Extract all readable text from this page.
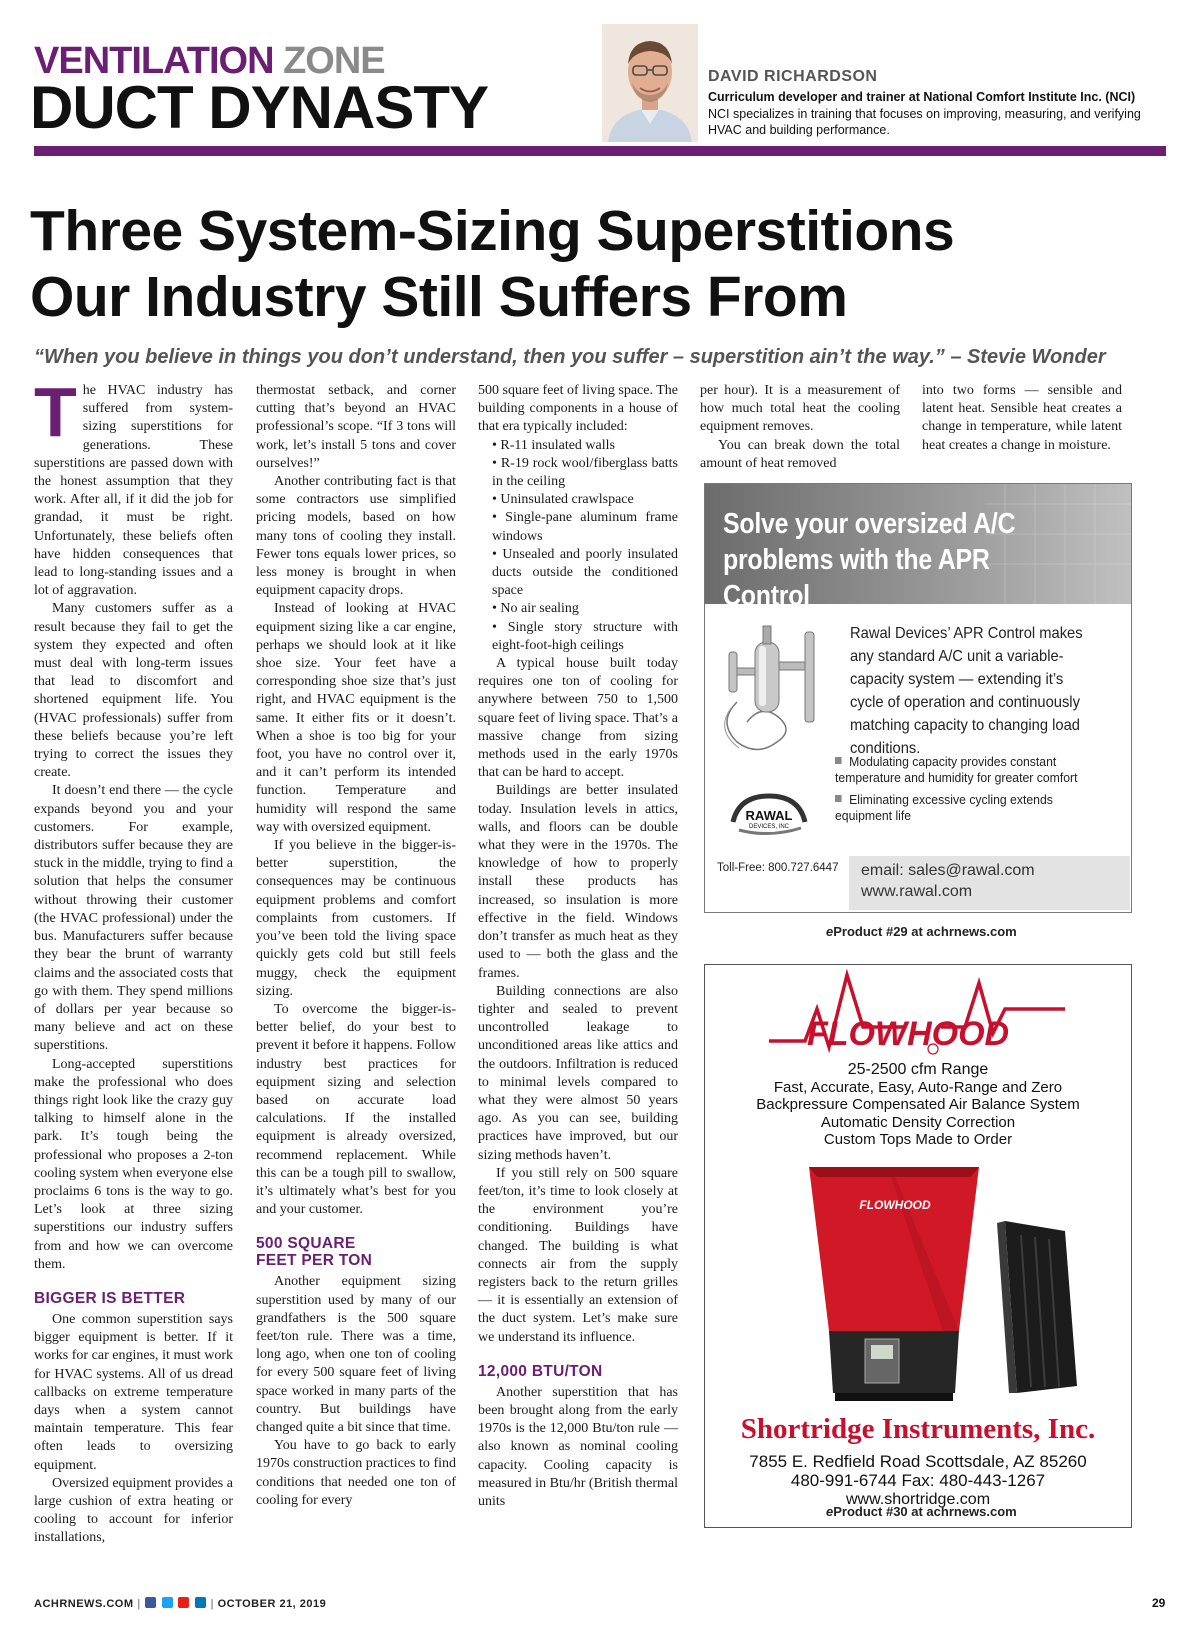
VENTILATION ZONE
DUCT DYNASTY	DAVID RICHARDSON
Curriculum developer and trainer at National Comfort Institute Inc. (NCI)
NCI specializes in training that focuses on improving, measuring, and verifying HVAC and building performance.
Three System-Sizing Superstitions
Our Industry Still Suffers From
“When you believe in things you don’t understand, then you suffer – superstition ain’t the way.” – Stevie Wonder

The HVAC industry has suffered from system-sizing superstitions for generations. These superstitions are passed down with the honest assumption that they work. After all, if it did the job for grandad, it must be right. Unfortunately, these beliefs often have hidden consequences that lead to long-standing issues and a lot of aggravation.

Many customers suffer as a result because they fail to get the system they expected and often must deal with long-term issues that lead to discomfort and shortened equipment life. You (HVAC professionals) suffer from these beliefs because you’re left trying to correct the issues they create.

It doesn’t end there — the cycle expands beyond you and your customers. For example, distributors suffer because they are stuck in the middle, trying to find a solution that helps the consumer without throwing their customer (the HVAC professional) under the bus. Manufacturers suffer because they bear the brunt of warranty claims and the associated costs that go with them. They spend millions of dollars per year because so many believe and act on these superstitions.

Long-accepted superstitions make the professional who does things right look like the crazy guy talking to himself alone in the park. It’s tough being the professional who proposes a 2-ton cooling system when everyone else proclaims 6 tons is the way to go. Let’s look at three sizing superstitions our industry suffers from and how we can overcome them.

BIGGER IS BETTER

One common superstition says bigger equipment is better. If it works for car engines, it must work for HVAC systems. All of us dread callbacks on extreme temperature days when a system cannot maintain temperature. This fear often leads to oversizing equipment.

Oversized equipment provides a large cushion of extra heating or cooling to account for inferior installations,

thermostat setback, and corner cutting that’s beyond an HVAC professional’s scope. “If 3 tons will work, let’s install 5 tons and cover ourselves!”

Another contributing fact is that some contractors use simplified pricing models, based on how many tons of cooling they install. Fewer tons equals lower prices, so less money is brought in when equipment capacity drops.

Instead of looking at HVAC equipment sizing like a car engine, perhaps we should look at it like shoe size. Your feet have a corresponding shoe size that’s just right, and HVAC equipment is the same. It either fits or it doesn’t. When a shoe is too big for your foot, you have no control over it, and it can’t perform its intended function. Temperature and humidity will respond the same way with oversized equipment.

If you believe in the bigger-is-better superstition, the consequences may be continuous equipment problems and comfort complaints from customers. If you’ve been told the living space quickly gets cold but still feels muggy, check the equipment sizing.

To overcome the bigger-is-better belief, do your best to prevent it before it happens. Follow industry best practices for equipment sizing and selection based on accurate load calculations. If the installed equipment is already oversized, recommend replacement. While this can be a tough pill to swallow, it’s ultimately what’s best for you and your customer.

500 SQUARE
FEET PER TON

Another equipment sizing superstition used by many of our grandfathers is the 500 square feet/ton rule. There was a time, long ago, when one ton of cooling for every 500 square feet of living space worked in many parts of the country. But buildings have changed quite a bit since that time.

You have to go back to early 1970s construction practices to find conditions that needed one ton of cooling for every

500 square feet of living space. The building components in a house of that era typically included:

• R-11 insulated walls

• R-19 rock wool/fiberglass batts in the ceiling

• Uninsulated crawlspace

• Single-pane aluminum frame windows

• Unsealed and poorly insulated ducts outside the conditioned space

• No air sealing

• Single story structure with eight-foot-high ceilings

A typical house built today requires one ton of cooling for anywhere between 750 to 1,500 square feet of living space. That’s a massive change from sizing methods used in the early 1970s that can be hard to accept.

Buildings are better insulated today. Insulation levels in attics, walls, and floors can be double what they were in the 1970s. The knowledge of how to properly install these products has increased, so insulation is more effective in the field. Windows don’t transfer as much heat as they used to — both the glass and the frames.

Building connections are also tighter and sealed to prevent uncontrolled leakage to unconditioned areas like attics and the outdoors. Infiltration is reduced to minimal levels compared to what they were almost 50 years ago. As you can see, building practices have improved, but our sizing methods haven’t.

If you still rely on 500 square feet/ton, it’s time to look closely at the environment you’re conditioning. Buildings have changed. The building is what connects air from the supply registers back to the return grilles — it is essentially an extension of the duct system. Let’s make sure we understand its influence.

12,000 BTU/TON

Another superstition that has been brought along from the early 1970s is the 12,000 Btu/ton rule — also known as nominal cooling capacity. Cooling capacity is measured in Btu/hr (British thermal units

per hour). It is a measurement of how much total heat the cooling equipment removes.

You can break down the total amount of heat removed

into two forms — sensible and latent heat. Sensible heat creates a change in temperature, while latent heat creates a change in moisture.

Solve your oversized A/C problems with the APR Control
Rawal Devices’ APR Control makes any standard A/C unit a variable-capacity system — extending it’s cycle of operation and continuously matching capacity to changing load conditions.
Modulating capacity provides constant temperature and humidity for greater comfort
Eliminating excessive cycling extends equipment life
RAWAL
DEVICES, INC
Toll-Free: 800.727.6447 email: sales@rawal.com
www.rawal.com
eProduct #29 at achrnews.com
FLOWHOOD
25-2500 cfm Range
Fast, Accurate, Easy, Auto-Range and Zero
Backpressure Compensated Air Balance System
Automatic Density Correction
Custom Tops Made to Order
FLOWHOOD
Shortridge Instruments, Inc.
7855 E. Redfield Road Scottsdale, AZ 85260
480-991-6744 Fax: 480-443-1267
www.shortridge.com
eProduct #30 at achrnews.com
ACHRNEWS.COM |	| OCTOBER 21, 2019	29
